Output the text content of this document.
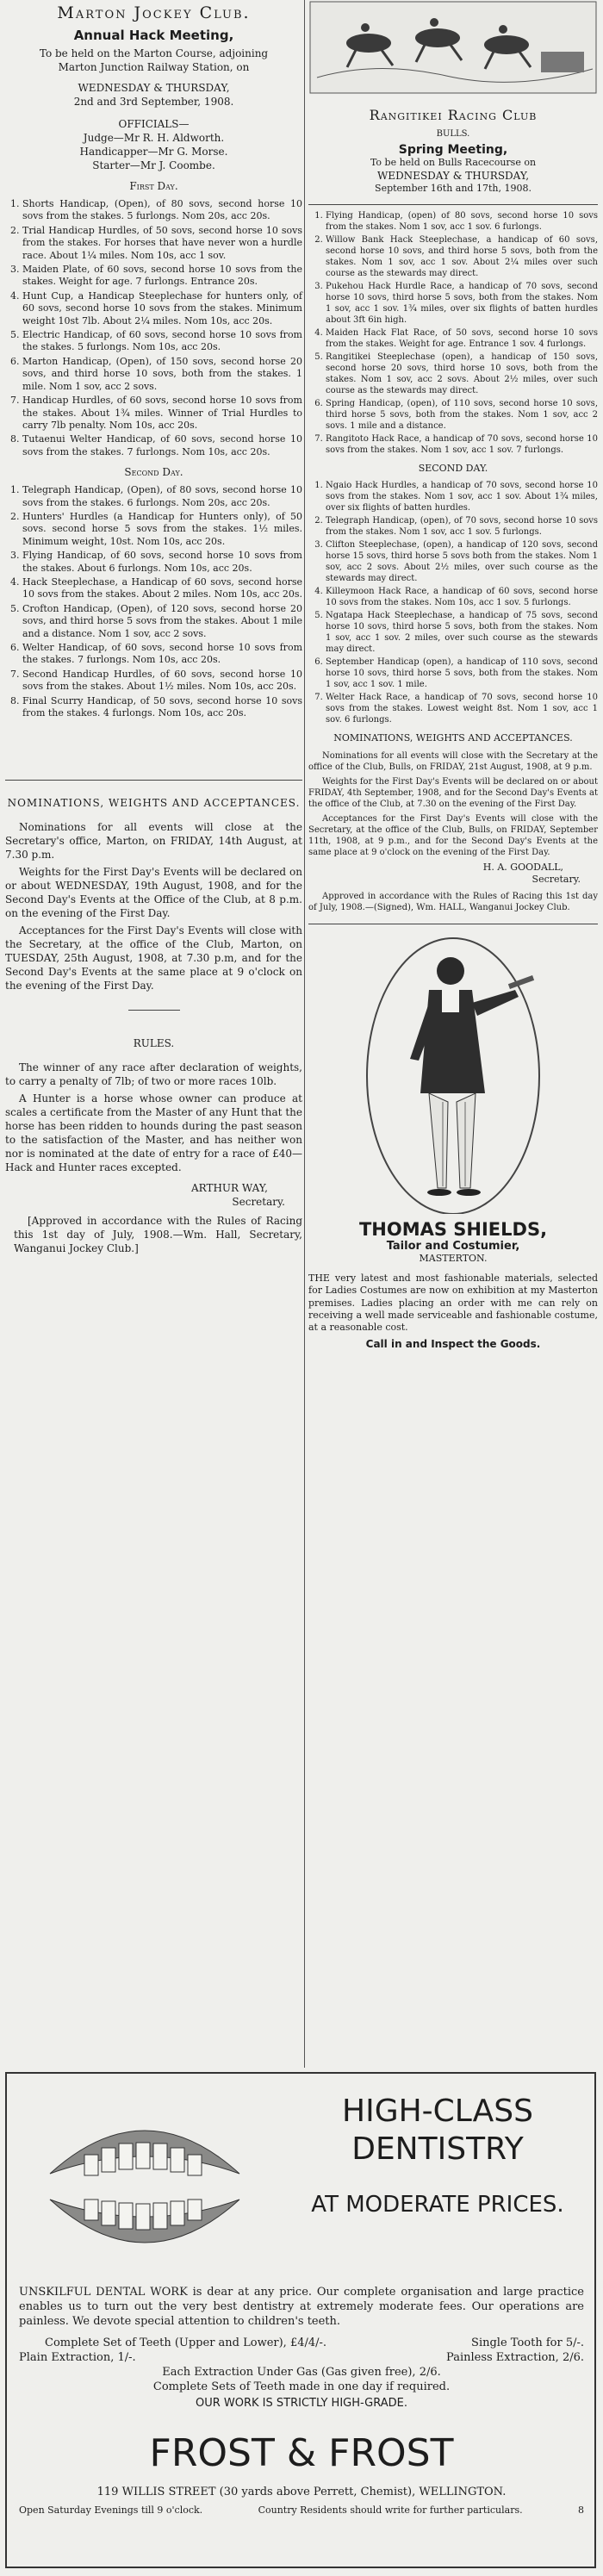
Marton Jockey Club.
Annual Hack Meeting,
To be held on the Marton Course, adjoining Marton Junction Railway Station, on
WEDNESDAY & THURSDAY,
2nd and 3rd September, 1908.
OFFICIALS—
Judge—Mr R. H. Aldworth.
Handicapper—Mr G. Morse.
Starter—Mr J. Coombe.
First Day.
1. Shorts Handicap, (Open), of 80 sovs, second horse 10 sovs from the stakes. 5 furlongs. Nom 20s, acc 20s.
2. Trial Handicap Hurdles, of 50 sovs, second horse 10 sovs from the stakes. For horses that have never won a hurdle race. About 1¼ miles. Nom 10s, acc 1 sov.
3. Maiden Plate, of 60 sovs, second horse 10 sovs from the stakes. Weight for age. 7 furlongs. Entrance 20s.
4. Hunt Cup, a Handicap Steeplechase for hunters only, of 60 sovs, second horse 10 sovs from the stakes. Minimum weight 10st 7lb. About 2¼ miles. Nom 10s, acc 20s.
5. Electric Handicap, of 60 sovs, second horse 10 sovs from the stakes. 5 furlongs. Nom 10s, acc 20s.
6. Marton Handicap, (Open), of 150 sovs, second horse 20 sovs, and third horse 10 sovs, both from the stakes. 1 mile. Nom 1 sov, acc 2 sovs.
7. Handicap Hurdles, of 60 sovs, second horse 10 sovs from the stakes. About 1¾ miles. Winner of Trial Hurdles to carry 7lb penalty. Nom 10s, acc 20s.
8. Tutaenui Welter Handicap, of 60 sovs, second horse 10 sovs from the stakes. 7 furlongs. Nom 10s, acc 20s.
Second Day.
1. Telegraph Handicap, (Open), of 80 sovs, second horse 10 sovs from the stakes. 6 furlongs. Nom 20s, acc 20s.
2. Hunters' Hurdles (a Handicap for Hunters only), of 50 sovs. second horse 5 sovs from the stakes. 1½ miles. Minimum weight, 10st. Nom 10s, acc 20s.
3. Flying Handicap, of 60 sovs, second horse 10 sovs from the stakes. About 6 furlongs. Nom 10s, acc 20s.
4. Hack Steeplechase, a Handicap of 60 sovs, second horse 10 sovs from the stakes. About 2 miles. Nom 10s, acc 20s.
5. Crofton Handicap, (Open), of 120 sovs, second horse 20 sovs, and third horse 5 sovs from the stakes. About 1 mile and a distance. Nom 1 sov, acc 2 sovs.
6. Welter Handicap, of 60 sovs, second horse 10 sovs from the stakes. 7 furlongs. Nom 10s, acc 20s.
7. Second Handicap Hurdles, of 60 sovs, second horse 10 sovs from the stakes. About 1½ miles. Nom 10s, acc 20s.
8. Final Scurry Handicap, of 50 sovs, second horse 10 sovs from the stakes. 4 furlongs. Nom 10s, acc 20s.
NOMINATIONS, WEIGHTS AND ACCEPTANCES.

Nominations for all events will close at the Secretary's office, Marton, on FRIDAY, 14th August, at 7.30 p.m.

Weights for the First Day's Events will be declared on or about WEDNESDAY, 19th August, 1908, and for the Second Day's Events at the Office of the Club, at 8 p.m. on the evening of the First Day.

Acceptances for the First Day's Events will close with the Secretary, at the office of the Club, Marton, on TUESDAY, 25th August, 1908, at 7.30 p.m, and for the Second Day's Events at the same place at 9 o'clock on the evening of the First Day.

RULES.

The winner of any race after declaration of weights, to carry a penalty of 7lb; of two or more races 10lb.

A Hunter is a horse whose owner can produce at scales a certificate from the Master of any Hunt that the horse has been ridden to hounds during the past season to the satisfaction of the Master, and has neither won nor is nominated at the date of entry for a race of £40—Hack and Hunter races excepted.

ARTHUR WAY,
Secretary.

[Approved in accordance with the Rules of Racing this 1st day of July, 1908.—Wm. Hall, Secretary, Wanganui Jockey Club.]

Rangitikei Racing Club
BULLS.
Spring Meeting,
To be held on Bulls Racecourse on
WEDNESDAY & THURSDAY,
September 16th and 17th, 1908.
1. Flying Handicap, (open) of 80 sovs, second horse 10 sovs from the stakes. Nom 1 sov, acc 1 sov. 6 furlongs.
2. Willow Bank Hack Steeplechase, a handicap of 60 sovs, second horse 10 sovs, and third horse 5 sovs, both from the stakes. Nom 1 sov, acc 1 sov. About 2¼ miles over such course as the stewards may direct.
3. Pukehou Hack Hurdle Race, a handicap of 70 sovs, second horse 10 sovs, third horse 5 sovs, both from the stakes. Nom 1 sov, acc 1 sov. 1¾ miles, over six flights of batten hurdles about 3ft 6in high.
4. Maiden Hack Flat Race, of 50 sovs, second horse 10 sovs from the stakes. Weight for age. Entrance 1 sov. 4 furlongs.
5. Rangitikei Steeplechase (open), a handicap of 150 sovs, second horse 20 sovs, third horse 10 sovs, both from the stakes. Nom 1 sov, acc 2 sovs. About 2½ miles, over such course as the stewards may direct.
6. Spring Handicap, (open), of 110 sovs, second horse 10 sovs, third horse 5 sovs, both from the stakes. Nom 1 sov, acc 2 sovs. 1 mile and a distance.
7. Rangitoto Hack Race, a handicap of 70 sovs, second horse 10 sovs from the stakes. Nom 1 sov, acc 1 sov. 7 furlongs.
SECOND DAY.
1. Ngaio Hack Hurdles, a handicap of 70 sovs, second horse 10 sovs from the stakes. Nom 1 sov, acc 1 sov. About 1¾ miles, over six flights of batten hurdles.
2. Telegraph Handicap, (open), of 70 sovs, second horse 10 sovs from the stakes. Nom 1 sov, acc 1 sov. 5 furlongs.
3. Clifton Steeplechase, (open), a handicap of 120 sovs, second horse 15 sovs, third horse 5 sovs both from the stakes. Nom 1 sov, acc 2 sovs. About 2½ miles, over such course as the stewards may direct.
4. Killeymoon Hack Race, a handicap of 60 sovs, second horse 10 sovs from the stakes. Nom 10s, acc 1 sov. 5 furlongs.
5. Ngatapa Hack Steeplechase, a handicap of 75 sovs, second horse 10 sovs, third horse 5 sovs, both from the stakes. Nom 1 sov, acc 1 sov. 2 miles, over such course as the stewards may direct.
6. September Handicap (open), a handicap of 110 sovs, second horse 10 sovs, third horse 5 sovs, both from the stakes. Nom 1 sov, acc 1 sov. 1 mile.
7. Welter Hack Race, a handicap of 70 sovs, second horse 10 sovs from the stakes. Lowest weight 8st. Nom 1 sov, acc 1 sov. 6 furlongs.
NOMINATIONS, WEIGHTS AND ACCEPTANCES.

Nominations for all events will close with the Secretary at the office of the Club, Bulls, on FRIDAY, 21st August, 1908, at 9 p.m.

Weights for the First Day's Events will be declared on or about FRIDAY, 4th September, 1908, and for the Second Day's Events at the office of the Club, at 7.30 on the evening of the First Day.

Acceptances for the First Day's Events will close with the Secretary, at the office of the Club, Bulls, on FRIDAY, September 11th, 1908, at 9 p.m., and for the Second Day's Events at the same place at 9 o'clock on the evening of the First Day.

H. A. GOODALL,
Secretary.

Approved in accordance with the Rules of Racing this 1st day of July, 1908.—(Signed), Wm. HALL, Wanganui Jockey Club.

THOMAS SHIELDS,
Tailor and Costumier,
MASTERTON.

THE very latest and most fashionable materials, selected for Ladies Costumes are now on exhibition at my Masterton premises. Ladies placing an order with me can rely on receiving a well made serviceable and fashionable costume, at a reasonable cost.

Call in and Inspect the Goods.
HIGH-CLASS
DENTISTRY
AT MODERATE PRICES.

UNSKILFUL DENTAL WORK is dear at any price. Our complete organisation and large practice enables us to turn out the very best dentistry at extremely moderate fees. Our operations are painless. We devote special attention to children's teeth.

Complete Set of Teeth (Upper and Lower), £4/4/-.	Single Tooth for 5/-.
Plain Extraction, 1/-.	Painless Extraction, 2/6.
Each Extraction Under Gas (Gas given free), 2/6.
Complete Sets of Teeth made in one day if required.
OUR WORK IS STRICTLY HIGH-GRADE.
FROST & FROST
119 WILLIS STREET (30 yards above Perrett, Chemist), WELLINGTON.
Open Saturday Evenings till 9 o'clock.	Country Residents should write for further particulars.	8
